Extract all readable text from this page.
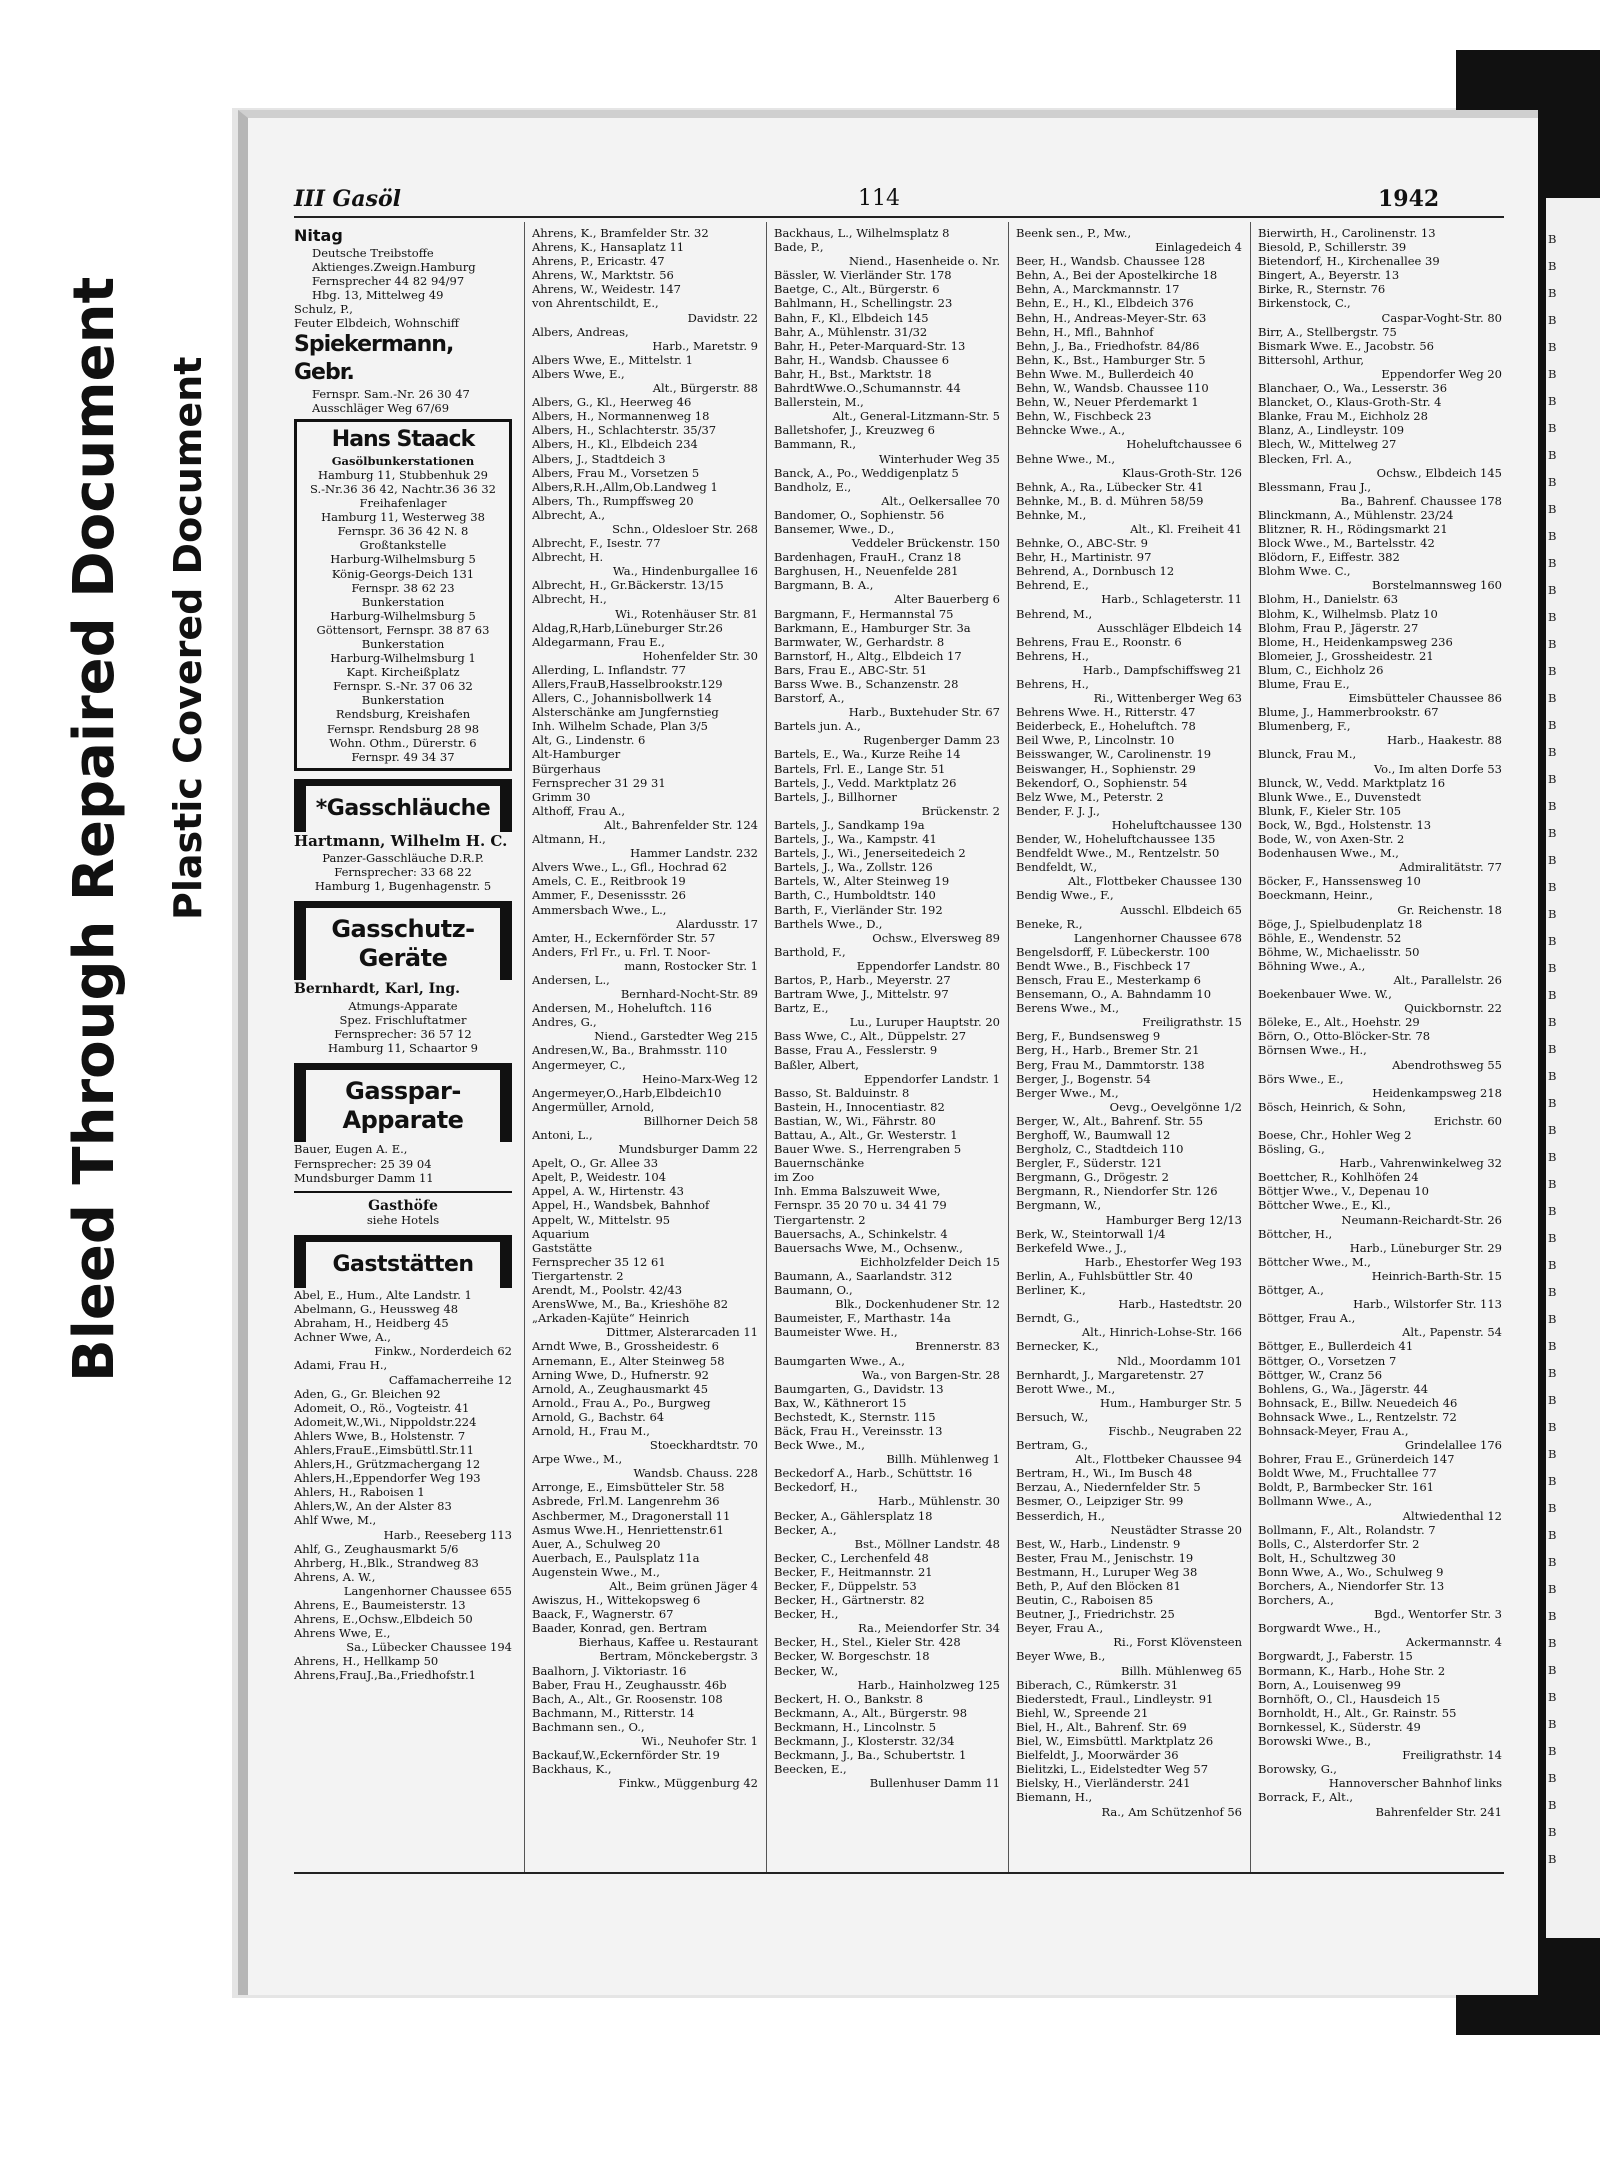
Bleed Through Repaired Document Plastic Covered Document
III Gasöl	114	1942
Nitag
Deutsche Treibstoffe
Aktienges.Zweign.Hamburg
Fernsprecher 44 82 94/97
Hbg. 13, Mittelweg 49
Schulz, P.,
Feuter Elbdeich, Wohnschiff
Spiekermann, Gebr.
Fernspr. Sam.-Nr. 26 30 47
Ausschläger Weg 67/69
Hans Staack
Gasölbunkerstationen
Hamburg 11, Stubbenhuk 29
S.-Nr.36 36 42, Nachtr.36 36 32
Freihafenlager
Hamburg 11, Westerweg 38
Fernspr. 36 36 42 N. 8
Großtankstelle
Harburg-Wilhelmsburg 5
König-Georgs-Deich 131
Fernspr. 38 62 23
Bunkerstation
Harburg-Wilhelmsburg 5
Göttensort, Fernspr. 38 87 63
Bunkerstation
Harburg-Wilhelmsburg 1
Kapt. Kircheißplatz
Fernspr. S.-Nr. 37 06 32
Bunkerstation
Rendsburg, Kreishafen
Fernspr. Rendsburg 28 98
Wohn. Othm., Dürerstr. 6
Fernspr. 49 34 37
*Gasschläuche
Hartmann, Wilhelm H. C.
Panzer-Gasschläuche D.R.P.
Fernsprecher: 33 68 22
Hamburg 1, Bugenhagenstr. 5
Gasschutz-
Geräte
Bernhardt, Karl, Ing.
Atmungs-Apparate
Spez. Frischluftatmer
Fernsprecher: 36 57 12
Hamburg 11, Schaartor 9
Gasspar-
Apparate
Bauer, Eugen A. E.,
Fernsprecher: 25 39 04
Mundsburger Damm 11
Gasthöfe
siehe Hotels
Gaststätten
Abel, E., Hum., Alte Landstr. 1
Abelmann, G., Heussweg 48
Abraham, H., Heidberg 45
Achner Wwe, A.,
Finkw., Norderdeich 62
Adami, Frau H.,
Caffamacherreihe 12
Aden, G., Gr. Bleichen 92
Adomeit, O., Rö., Vogteistr. 41
Adomeit,W.,Wi., Nippoldstr.224
Ahlers Wwe, B., Holstenstr. 7
Ahlers,FrauE.,Eimsbüttl.Str.11
Ahlers,H., Grützmachergang 12
Ahlers,H.,Eppendorfer Weg 193
Ahlers, H., Raboisen 1
Ahlers,W., An der Alster 83
Ahlf Wwe, M.,
Harb., Reeseberg 113
Ahlf, G., Zeughausmarkt 5/6
Ahrberg, H.,Blk., Strandweg 83
Ahrens, A. W.,
Langenhorner Chaussee 655
Ahrens, E., Baumeisterstr. 13
Ahrens, E.,Ochsw.,Elbdeich 50
Ahrens Wwe, E.,
Sa., Lübecker Chaussee 194
Ahrens, H., Hellkamp 50
Ahrens,FrauJ.,Ba.,Friedhofstr.1
Ahrens, K., Bramfelder Str. 32
Ahrens, K., Hansaplatz 11
Ahrens, P., Ericastr. 47
Ahrens, W., Marktstr. 56
Ahrens, W., Weidestr. 147
von Ahrentschildt, E.,
Davidstr. 22
Albers, Andreas,
Harb., Maretstr. 9
Albers Wwe, E., Mittelstr. 1
Albers Wwe, E.,
Alt., Bürgerstr. 88
Albers, G., Kl., Heerweg 46
Albers, H., Normannenweg 18
Albers, H., Schlachterstr. 35/37
Albers, H., Kl., Elbdeich 234
Albers, J., Stadtdeich 3
Albers, Frau M., Vorsetzen 5
Albers,R.H.,Allm,Ob.Landweg 1
Albers, Th., Rumpffsweg 20
Albrecht, A.,
Schn., Oldesloer Str. 268
Albrecht, F., Isestr. 77
Albrecht, H.
Wa., Hindenburgallee 16
Albrecht, H., Gr.Bäckerstr. 13/15
Albrecht, H.,
Wi., Rotenhäuser Str. 81
Aldag,R,Harb,Lüneburger Str.26
Aldegarmann, Frau E.,
Hohenfelder Str. 30
Allerding, L. Inflandstr. 77
Allers,FrauB,Hasselbrookstr.129
Allers, C., Johannisbollwerk 14
Alsterschänke am Jungfernstieg
Inh. Wilhelm Schade, Plan 3/5
Alt, G., Lindenstr. 6
Alt-Hamburger
Bürgerhaus
Fernsprecher 31 29 31
Grimm 30
Althoff, Frau A.,
Alt., Bahrenfelder Str. 124
Altmann, H.,
Hammer Landstr. 232
Alvers Wwe., L., Gfl., Hochrad 62
Amels, C. E., Reitbrook 19
Ammer, F., Desenissstr. 26
Ammersbach Wwe., L.,
Alardusstr. 17
Amter, H., Eckernförder Str. 57
Anders, Frl Fr., u. Frl. T. Noor-
mann, Rostocker Str. 1
Andersen, L.,
Bernhard-Nocht-Str. 89
Andersen, M., Hoheluftch. 116
Andres, G.,
Niend., Garstedter Weg 215
Andresen,W., Ba., Brahmsstr. 110
Angermeyer, C.,
Heino-Marx-Weg 12
Angermeyer,O.,Harb,Elbdeich10
Angermüller, Arnold,
Billhorner Deich 58
Antoni, L.,
Mundsburger Damm 22
Apelt, O., Gr. Allee 33
Apelt, P., Weidestr. 104
Appel, A. W., Hirtenstr. 43
Appel, H., Wandsbek, Bahnhof
Appelt, W., Mittelstr. 95
Aquarium
Gaststätte
Fernsprecher 35 12 61
Tiergartenstr. 2
Arendt, M., Poolstr. 42/43
ArensWwe, M., Ba., Krieshöhe 82
„Arkaden-Kajüte“ Heinrich
Dittmer, Alsterarcaden 11
Arndt Wwe, B., Grossheidestr. 6
Arnemann, E., Alter Steinweg 58
Arning Wwe, D., Hufnerstr. 92
Arnold, A., Zeughausmarkt 45
Arnold., Frau A., Po., Burgweg
Arnold, G., Bachstr. 64
Arnold, H., Frau M.,
Stoeckhardtstr. 70
Arpe Wwe., M.,
Wandsb. Chauss. 228
Arronge, E., Eimsbütteler Str. 58
Asbrede, Frl.M. Langenrehm 36
Aschbermer, M., Dragonerstall 11
Asmus Wwe.H., Henriettenstr.61
Auer, A., Schulweg 20
Auerbach, E., Paulsplatz 11a
Augenstein Wwe., M.,
Alt., Beim grünen Jäger 4
Awiszus, H., Wittekopsweg 6
Baack, F., Wagnerstr. 67
Baader, Konrad, gen. Bertram
Bierhaus, Kaffee u. Restaurant
Bertram, Mönckebergstr. 3
Baalhorn, J. Viktoriastr. 16
Baber, Frau H., Zeughausstr. 46b
Bach, A., Alt., Gr. Roosenstr. 108
Bachmann, M., Ritterstr. 14
Bachmann sen., O.,
Wi., Neuhofer Str. 1
Backauf,W.,Eckernförder Str. 19
Backhaus, K.,
Finkw., Müggenburg 42
Backhaus, L., Wilhelmsplatz 8
Bade, P.,
Niend., Hasenheide o. Nr.
Bässler, W. Vierländer Str. 178
Baetge, C., Alt., Bürgerstr. 6
Bahlmann, H., Schellingstr. 23
Bahn, F., Kl., Elbdeich 145
Bahr, A., Mühlenstr. 31/32
Bahr, H., Peter-Marquard-Str. 13
Bahr, H., Wandsb. Chaussee 6
Bahr, H., Bst., Marktstr. 18
BahrdtWwe.O.,Schumannstr. 44
Ballerstein, M.,
Alt., General-Litzmann-Str. 5
Balletshofer, J., Kreuzweg 6
Bammann, R.,
Winterhuder Weg 35
Banck, A., Po., Weddigenplatz 5
Bandholz, E.,
Alt., Oelkersallee 70
Bandomer, O., Sophienstr. 56
Bansemer, Wwe., D.,
Veddeler Brückenstr. 150
Bardenhagen, FrauH., Cranz 18
Barghusen, H., Neuenfelde 281
Bargmann, B. A.,
Alter Bauerberg 6
Bargmann, F., Hermannstal 75
Barkmann, E., Hamburger Str. 3a
Barmwater, W., Gerhardstr. 8
Barnstorf, H., Altg., Elbdeich 17
Bars, Frau E., ABC-Str. 51
Barss Wwe. B., Schanzenstr. 28
Barstorf, A.,
Harb., Buxtehuder Str. 67
Bartels jun. A.,
Rugenberger Damm 23
Bartels, E., Wa., Kurze Reihe 14
Bartels, Frl. E., Lange Str. 51
Bartels, J., Vedd. Marktplatz 26
Bartels, J., Billhorner
Brückenstr. 2
Bartels, J., Sandkamp 19a
Bartels, J., Wa., Kampstr. 41
Bartels, J., Wi., Jenerseitedeich 2
Bartels, J., Wa., Zollstr. 126
Bartels, W., Alter Steinweg 19
Barth, C., Humboldtstr. 140
Barth, F., Vierländer Str. 192
Barthels Wwe., D.,
Ochsw., Elversweg 89
Barthold, F.,
Eppendorfer Landstr. 80
Bartos, P., Harb., Meyerstr. 27
Bartram Wwe, J., Mittelstr. 97
Bartz, E.,
Lu., Luruper Hauptstr. 20
Bass Wwe, C., Alt., Düppelstr. 27
Basse, Frau A., Fesslerstr. 9
Baßler, Albert,
Eppendorfer Landstr. 1
Basso, St. Balduinstr. 8
Bastein, H., Innocentiastr. 82
Bastian, W., Wi., Fährstr. 80
Battau, A., Alt., Gr. Westerstr. 1
Bauer Wwe. S., Herrengraben 5
Bauernschänke
im Zoo
Inh. Emma Balszuweit Wwe,
Fernspr. 35 20 70 u. 34 41 79
Tiergartenstr. 2
Bauersachs, A., Schinkelstr. 4
Bauersachs Wwe, M., Ochsenw.,
Eichholzfelder Deich 15
Baumann, A., Saarlandstr. 312
Baumann, O.,
Blk., Dockenhudener Str. 12
Baumeister, F., Marthastr. 14a
Baumeister Wwe. H.,
Brennerstr. 83
Baumgarten Wwe., A.,
Wa., von Bargen-Str. 28
Baumgarten, G., Davidstr. 13
Bax, W., Käthnerort 15
Bechstedt, K., Sternstr. 115
Bäck, Frau H., Vereinsstr. 13
Beck Wwe., M.,
Billh. Mühlenweg 1
Beckedorf A., Harb., Schüttstr. 16
Beckedorf, H.,
Harb., Mühlenstr. 30
Becker, A., Gählersplatz 18
Becker, A.,
Bst., Möllner Landstr. 48
Becker, C., Lerchenfeld 48
Becker, F., Heitmannstr. 21
Becker, F., Düppelstr. 53
Becker, H., Gärtnerstr. 82
Becker, H.,
Ra., Meiendorfer Str. 34
Becker, H., Stel., Kieler Str. 428
Becker, W. Borgeschstr. 18
Becker, W.,
Harb., Hainholzweg 125
Beckert, H. O., Bankstr. 8
Beckmann, A., Alt., Bürgerstr. 98
Beckmann, H., Lincolnstr. 5
Beckmann, J., Klosterstr. 32/34
Beckmann, J., Ba., Schubertstr. 1
Beecken, E.,
Bullenhuser Damm 11
Beenk sen., P., Mw.,
Einlagedeich 4
Beer, H., Wandsb. Chaussee 128
Behn, A., Bei der Apostelkirche 18
Behn, A., Marckmannstr. 17
Behn, E., H., Kl., Elbdeich 376
Behn, H., Andreas-Meyer-Str. 63
Behn, H., Mfl., Bahnhof
Behn, J., Ba., Friedhofstr. 84/86
Behn, K., Bst., Hamburger Str. 5
Behn Wwe. M., Bullerdeich 40
Behn, W., Wandsb. Chaussee 110
Behn, W., Neuer Pferdemarkt 1
Behn, W., Fischbeck 23
Behncke Wwe., A.,
Hoheluftchaussee 6
Behne Wwe., M.,
Klaus-Groth-Str. 126
Behnk, A., Ra., Lübecker Str. 41
Behnke, M., B. d. Mühren 58/59
Behnke, M.,
Alt., Kl. Freiheit 41
Behnke, O., ABC-Str. 9
Behr, H., Martinistr. 97
Behrend, A., Dornbusch 12
Behrend, E.,
Harb., Schlageterstr. 11
Behrend, M.,
Ausschläger Elbdeich 14
Behrens, Frau E., Roonstr. 6
Behrens, H.,
Harb., Dampfschiffsweg 21
Behrens, H.,
Ri., Wittenberger Weg 63
Behrens Wwe. H., Ritterstr. 47
Beiderbeck, E., Hoheluftch. 78
Beil Wwe, P., Lincolnstr. 10
Beisswanger, W., Carolinenstr. 19
Beiswanger, H., Sophienstr. 29
Bekendorf, O., Sophienstr. 54
Belz Wwe, M., Peterstr. 2
Bender, F. J. J.,
Hoheluftchaussee 130
Bender, W., Hoheluftchaussee 135
Bendfeldt Wwe., M., Rentzelstr. 50
Bendfeldt, W.,
Alt., Flottbeker Chaussee 130
Bendig Wwe., F.,
Ausschl. Elbdeich 65
Beneke, R.,
Langenhorner Chaussee 678
Bengelsdorff, F. Lübeckerstr. 100
Bendt Wwe., B., Fischbeck 17
Bensch, Frau E., Mesterkamp 6
Bensemann, O., A. Bahndamm 10
Berens Wwe., M.,
Freiligrathstr. 15
Berg, F., Bundsensweg 9
Berg, H., Harb., Bremer Str. 21
Berg, Frau M., Dammtorstr. 138
Berger, J., Bogenstr. 54
Berger Wwe., M.,
Oevg., Oevelgönne 1/2
Berger, W., Alt., Bahrenf. Str. 55
Berghoff, W., Baumwall 12
Bergholz, C., Stadtdeich 110
Bergler, F., Süderstr. 121
Bergmann, G., Drögestr. 2
Bergmann, R., Niendorfer Str. 126
Bergmann, W.,
Hamburger Berg 12/13
Berk, W., Steintorwall 1/4
Berkefeld Wwe., J.,
Harb., Ehestorfer Weg 193
Berlin, A., Fuhlsbüttler Str. 40
Berliner, K.,
Harb., Hastedtstr. 20
Berndt, G.,
Alt., Hinrich-Lohse-Str. 166
Bernecker, K.,
Nld., Moordamm 101
Bernhardt, J., Margaretenstr. 27
Berott Wwe., M.,
Hum., Hamburger Str. 5
Bersuch, W.,
Fischb., Neugraben 22
Bertram, G.,
Alt., Flottbeker Chaussee 94
Bertram, H., Wi., Im Busch 48
Berzau, A., Niedernfelder Str. 5
Besmer, O., Leipziger Str. 99
Besserdich, H.,
Neustädter Strasse 20
Best, W., Harb., Lindenstr. 9
Bester, Frau M., Jenischstr. 19
Bestmann, H., Luruper Weg 38
Beth, P., Auf den Blöcken 81
Beutin, C., Raboisen 85
Beutner, J., Friedrichstr. 25
Beyer, Frau A.,
Ri., Forst Klövensteen
Beyer Wwe, B.,
Billh. Mühlenweg 65
Biberach, C., Rümkerstr. 31
Biederstedt, Fraul., Lindleystr. 91
Biehl, W., Spreende 21
Biel, H., Alt., Bahrenf. Str. 69
Biel, W., Eimsbüttl. Marktplatz 26
Bielfeldt, J., Moorwärder 36
Bielitzki, L., Eidelstedter Weg 57
Bielsky, H., Vierländerstr. 241
Biemann, H.,
Ra., Am Schützenhof 56
Bierwirth, H., Carolinenstr. 13
Biesold, P., Schillerstr. 39
Bietendorf, H., Kirchenallee 39
Bingert, A., Beyerstr. 13
Birke, R., Sternstr. 76
Birkenstock, C.,
Caspar-Voght-Str. 80
Birr, A., Stellbergstr. 75
Bismark Wwe. E., Jacobstr. 56
Bittersohl, Arthur,
Eppendorfer Weg 20
Blanchaer, O., Wa., Lesserstr. 36
Blancket, O., Klaus-Groth-Str. 4
Blanke, Frau M., Eichholz 28
Blanz, A., Lindleystr. 109
Blech, W., Mittelweg 27
Blecken, Frl. A.,
Ochsw., Elbdeich 145
Blessmann, Frau J.,
Ba., Bahrenf. Chaussee 178
Blinckmann, A., Mühlenstr. 23/24
Blitzner, R. H., Rödingsmarkt 21
Block Wwe., M., Bartelsstr. 42
Blödorn, F., Eiffestr. 382
Blohm Wwe. C.,
Borstelmannsweg 160
Blohm, H., Danielstr. 63
Blohm, K., Wilhelmsb. Platz 10
Blohm, Frau P., Jägerstr. 27
Blome, H., Heidenkampsweg 236
Blomeier, J., Grossheidestr. 21
Blum, C., Eichholz 26
Blume, Frau E.,
Eimsbütteler Chaussee 86
Blume, J., Hammerbrookstr. 67
Blumenberg, F.,
Harb., Haakestr. 88
Blunck, Frau M.,
Vo., Im alten Dorfe 53
Blunck, W., Vedd. Marktplatz 16
Blunk Wwe., E., Duvenstedt
Blunk, F., Kieler Str. 105
Bock, W., Bgd., Holstenstr. 13
Bode, W., von Axen-Str. 2
Bodenhausen Wwe., M.,
Admiralitätstr. 77
Böcker, F., Hanssensweg 10
Boeckmann, Heinr.,
Gr. Reichenstr. 18
Böge, J., Spielbudenplatz 18
Böhle, E., Wendenstr. 52
Böhme, W., Michaelisstr. 50
Böhning Wwe., A.,
Alt., Parallelstr. 26
Boekenbauer Wwe. W.,
Quickbornstr. 22
Böleke, E., Alt., Hoehstr. 29
Börn, O., Otto-Blöcker-Str. 78
Börnsen Wwe., H.,
Abendrothsweg 55
Börs Wwe., E.,
Heidenkampsweg 218
Bösch, Heinrich, & Sohn,
Erichstr. 60
Boese, Chr., Hohler Weg 2
Bösling, G.,
Harb., Vahrenwinkelweg 32
Boettcher, R., Kohlhöfen 24
Böttjer Wwe., V., Depenau 10
Böttcher Wwe., E., Kl.,
Neumann-Reichardt-Str. 26
Böttcher, H.,
Harb., Lüneburger Str. 29
Böttcher Wwe., M.,
Heinrich-Barth-Str. 15
Böttger, A.,
Harb., Wilstorfer Str. 113
Böttger, Frau A.,
Alt., Papenstr. 54
Böttger, E., Bullerdeich 41
Böttger, O., Vorsetzen 7
Böttger, W., Cranz 56
Bohlens, G., Wa., Jägerstr. 44
Bohnsack, E., Billw. Neuedeich 46
Bohnsack Wwe., L., Rentzelstr. 72
Bohnsack-Meyer, Frau A.,
Grindelallee 176
Bohrer, Frau E., Grünerdeich 147
Boldt Wwe, M., Fruchtallee 77
Boldt, P., Barmbecker Str. 161
Bollmann Wwe., A.,
Altwiedenthal 12
Bollmann, F., Alt., Rolandstr. 7
Bolls, C., Alsterdorfer Str. 2
Bolt, H., Schultzweg 30
Bonn Wwe, A., Wo., Schulweg 9
Borchers, A., Niendorfer Str. 13
Borchers, A.,
Bgd., Wentorfer Str. 3
Borgwardt Wwe., H.,
Ackermannstr. 4
Borgwardt, J., Faberstr. 15
Bormann, K., Harb., Hohe Str. 2
Born, A., Louisenweg 99
Bornhöft, O., Cl., Hausdeich 15
Bornholdt, H., Alt., Gr. Rainstr. 55
Bornkessel, K., Süderstr. 49
Borowski Wwe., B.,
Freiligrathstr. 14
Borowsky, G.,
Hannoverscher Bahnhof links
Borrack, F., Alt.,
Bahrenfelder Str. 241
BBBBBBBBBBBBBBBBBBBBBBBBBBBBBBBBBBBBBBBBBBBBBBBBBBBBBBBBBBBBB
